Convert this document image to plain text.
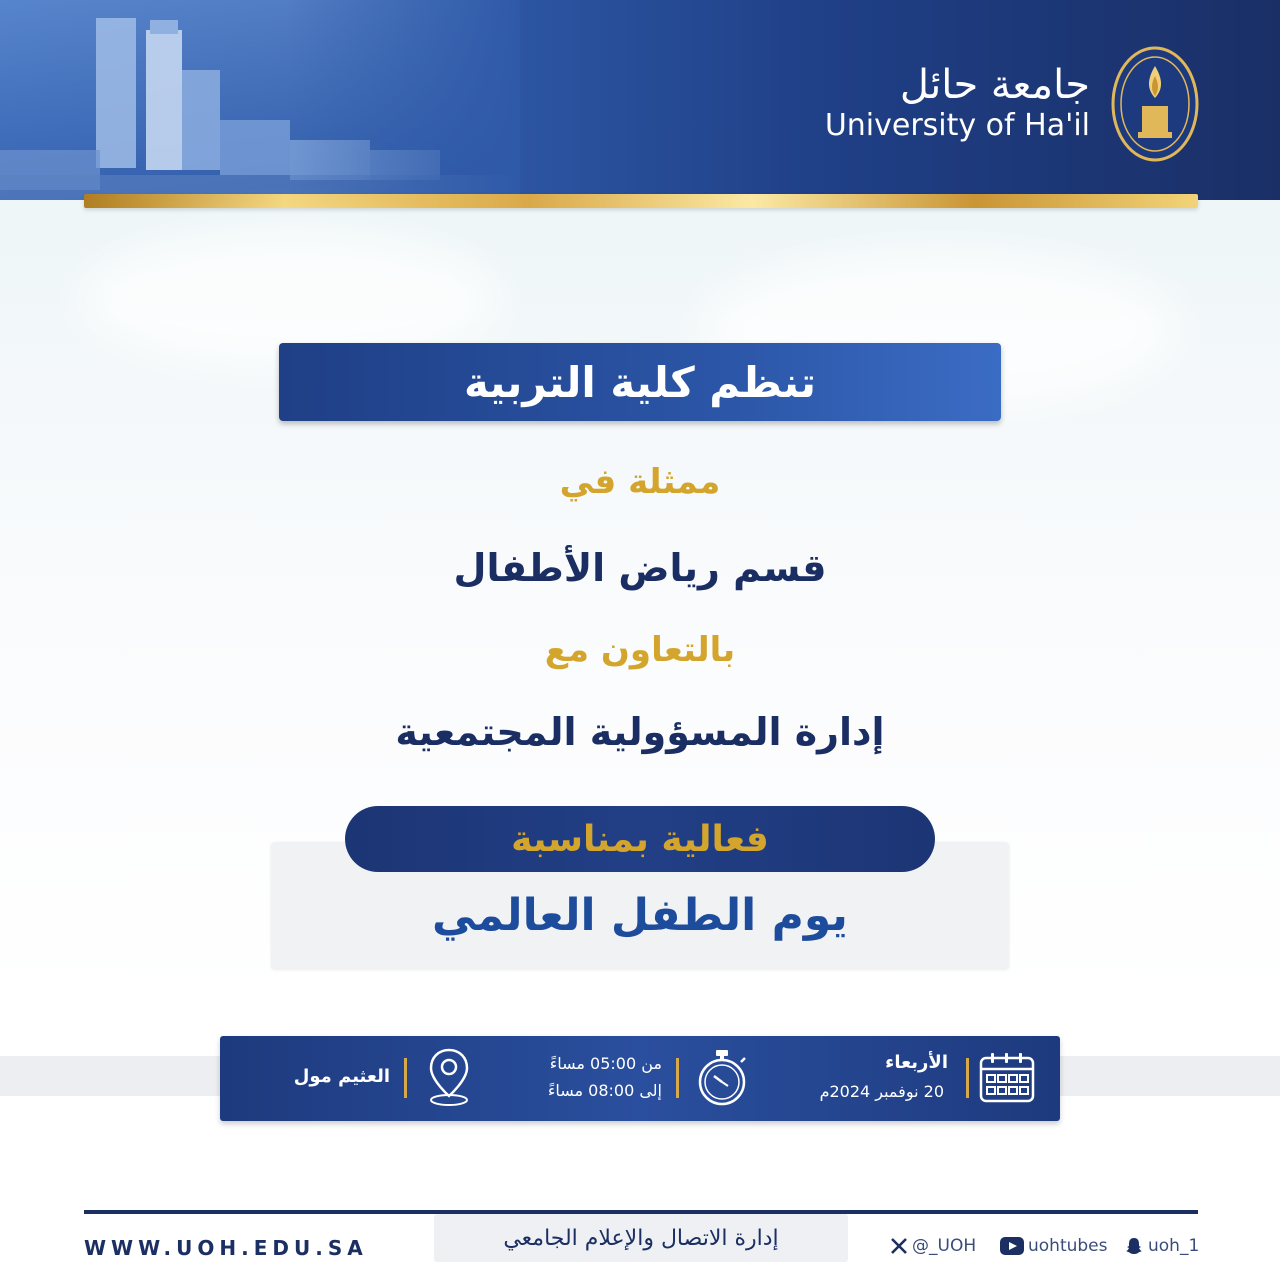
جامعة حائل
University of Ha'il
تنظم كلية التربية
ممثلة في
قسم رياض الأطفال
بالتعاون مع
إدارة المسؤولية المجتمعية
فعالية بمناسبة
يوم الطفل العالمي
الأربعاء
20 نوفمبر 2024م
من 05:00 مساءً
إلى 08:00 مساءً
العثيم مول
WWW.UOH.EDU.SA	إدارة الاتصال والإعلام الجامعي	@_UOH	uohtubes uoh_1
